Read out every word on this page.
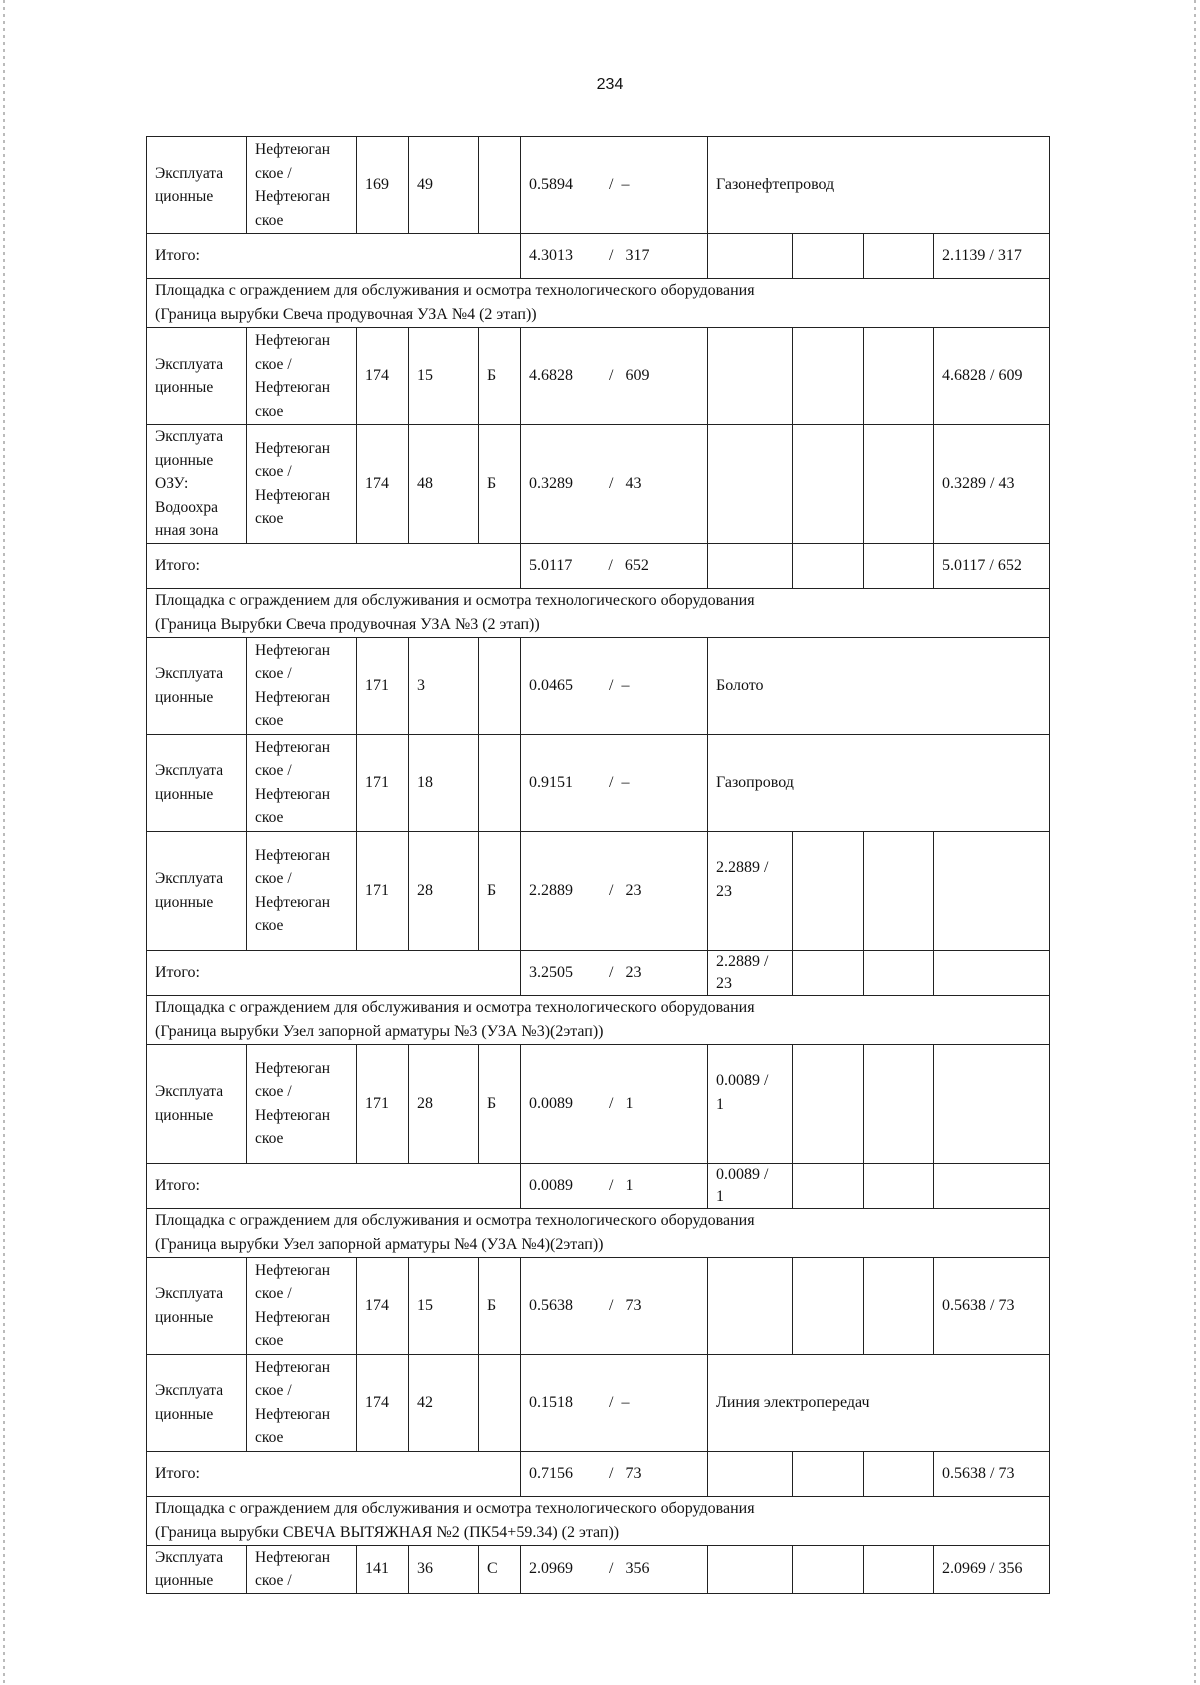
234
Эксплуата
ционные	Нефтеюган
ское /
Нефтеюган
ское	169	49		0.5894         /  –	Газонефтепровод			
Итого:					4.3013         /   317				2.1139 / 317

Площадка с ограждением для обслуживания и осмотра технологического оборудования
(Граница вырубки Свеча продувочная УЗА №4 (2 этап))									

Эксплуата
ционные	Нефтеюган
ское /
Нефтеюган
ское	174	15	Б	4.6828         /   609				4.6828 / 609

Эксплуата
ционные
ОЗУ:
Водоохра
нная зона	Нефтеюган
ское /
Нефтеюган
ское	174	48	Б	0.3289         /   43				0.3289 / 43
Итого:					5.0117         /   652				5.0117 / 652

Площадка с ограждением для обслуживания и осмотра технологического оборудования
(Граница Вырубки Свеча продувочная УЗА №3 (2 этап))									

Эксплуата
ционные	Нефтеюган
ское /
Нефтеюган
ское	171	3		0.0465         /  –	Болото			

Эксплуата
ционные	Нефтеюган
ское /
Нефтеюган
ское	171	18		0.9151         /  –	Газопровод			

Эксплуата
ционные	Нефтеюган
ское /
Нефтеюган
ское	171	28	Б	2.2889         /   23	2.2889 /
23			

Итого:					3.2505         /   23	2.2889 /
23			

Площадка с ограждением для обслуживания и осмотра технологического оборудования
(Граница вырубки Узел запорной арматуры №3 (УЗА №3)(2этап))									

Эксплуата
ционные	Нефтеюган
ское /
Нефтеюган
ское	171	28	Б	0.0089         /   1	0.0089 /
1			

Итого:					0.0089         /   1	0.0089 /
1			

Площадка с ограждением для обслуживания и осмотра технологического оборудования
(Граница вырубки Узел запорной арматуры №4 (УЗА №4)(2этап))									

Эксплуата
ционные	Нефтеюган
ское /
Нефтеюган
ское	174	15	Б	0.5638         /   73				0.5638 / 73

Эксплуата
ционные	Нефтеюган
ское /
Нефтеюган
ское	174	42		0.1518         /  –	Линия электропередач			
Итого:					0.7156         /   73				0.5638 / 73

Площадка с ограждением для обслуживания и осмотра технологического оборудования
(Граница вырубки СВЕЧА ВЫТЯЖНАЯ №2 (ПК54+59.34) (2 этап))									

Эксплуата
ционные	Нефтеюган
ское /	141	36	С	2.0969         /   356				2.0969 / 356
